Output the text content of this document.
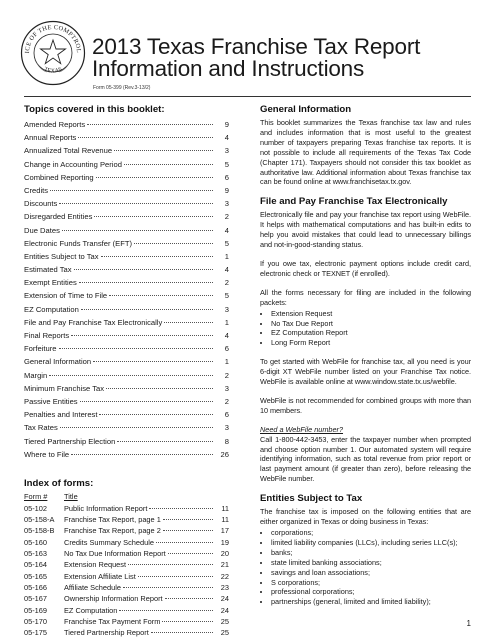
ICE OF THE COMPTROL
TEXAS
2013 Texas Franchise Tax Report
Information and Instructions
Form 05-399 (Rev.3-13/2)
Topics covered in this booklet:
Amended Reports	9
Annual Reports	4
Annualized Total Revenue	3
Change in Accounting Period	5
Combined Reporting	6
Credits	9
Discounts	3
Disregarded Entities	2
Due Dates	4
Electronic Funds Transfer (EFT)	5
Entities Subject to Tax	1
Estimated Tax	4
Exempt Entities	2
Extension of Time to File	5
EZ Computation	3
File and Pay Franchise Tax Electronically	1
Final Reports	4
Forfeiture	6
General Information	1
Margin	2
Minimum Franchise Tax	3
Passive Entities	2
Penalties and Interest	6
Tax Rates	3
Tiered Partnership Election	8
Where to File	26
Index of forms:
Form #	Title
05-102	Public Information Report	11
05-158-A	Franchise Tax Report, page 1	11
05-158-B	Franchise Tax Report, page 2	17
05-160	Credits Summary Schedule	19
05-163	No Tax Due Information Report	20
05-164	Extension Request	21
05-165	Extension Affiliate List	22
05-166	Affiliate Schedule	23
05-167	Ownership Information Report	24
05-169	EZ Computation	24
05-170	Franchise Tax Payment Form	25
05-175	Tiered Partnership Report	25
General Information

This booklet summarizes the Texas franchise tax law and rules and includes information that is most useful to the greatest number of taxpayers preparing Texas franchise tax reports. It is not possible to include all requirements of the Texas Tax Code (Chapter 171). Taxpayers should not consider this tax booklet as authoritative law. Additional information about Texas franchise tax can be found online at www.franchisetax.tx.gov.

File and Pay Franchise Tax Electronically

Electronically file and pay your franchise tax report using WebFile. It helps with mathematical computations and has built-in edits to help you avoid mistakes that could lead to unnecessary billings and not-in-good-standing status.

If you owe tax, electronic payment options include credit card, electronic check or TEXNET (if enrolled).

All the forms necessary for filing are included in the following packets:

• Extension Request
• No Tax Due Report
• EZ Computation Report
• Long Form Report

To get started with WebFile for franchise tax, all you need is your 6-digit XT WebFile number listed on your Franchise Tax notice. WebFile is available online at www.window.state.tx.us/webfile.

WebFile is not recommended for combined groups with more than 10 members.

Need a WebFile number?

Call 1-800-442-3453, enter the taxpayer number when prompted and choose option number 1. Our automated system will require identifying information, such as total revenue from prior report or last payment amount (if greater than zero), before releasing the WebFile number.

Entities Subject to Tax

The franchise tax is imposed on the following entities that are either organized in Texas or doing business in Texas:

• corporations;
• limited liability companies (LLCs), including series LLC(s);
• banks;
• state limited banking associations;
• savings and loan associations;
• S corporations;
• professional corporations;
• partnerships (general, limited and limited liability);
1
